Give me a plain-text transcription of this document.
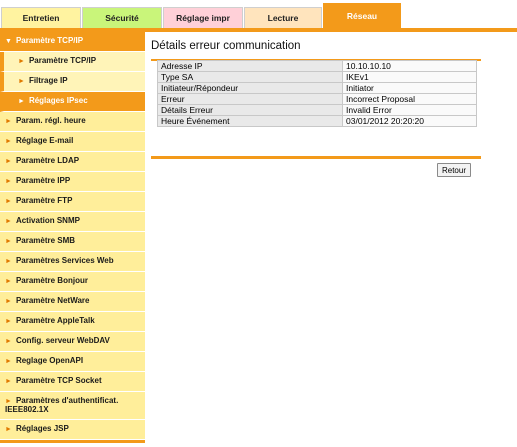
Entretien	Sécurité	Réglage impr	Lecture	Réseau
▼ Paramètre TCP/IP
► Paramètre TCP/IP
► Filtrage IP
► Réglages IPsec
► Param. régl. heure
► Réglage E-mail
► Paramètre LDAP
► Paramètre IPP
► Paramètre FTP
► Activation SNMP
► Paramètre SMB
► Paramètres Services Web
► Paramètre Bonjour
► Paramètre NetWare
► Paramètre AppleTalk
► Config. serveur WebDAV
► Reglage OpenAPI
► Paramètre TCP Socket
► Paramètres d'authentificat. IEEE802.1X
► Réglages JSP
Détails erreur communication
Adresse IP	10.10.10.10
Type SA	IKEv1
Initiateur/Répondeur	Initiator
Erreur	Incorrect Proposal
Détails Erreur	Invalid Error
Heure Événement	03/01/2012 20:20:20
Retour
